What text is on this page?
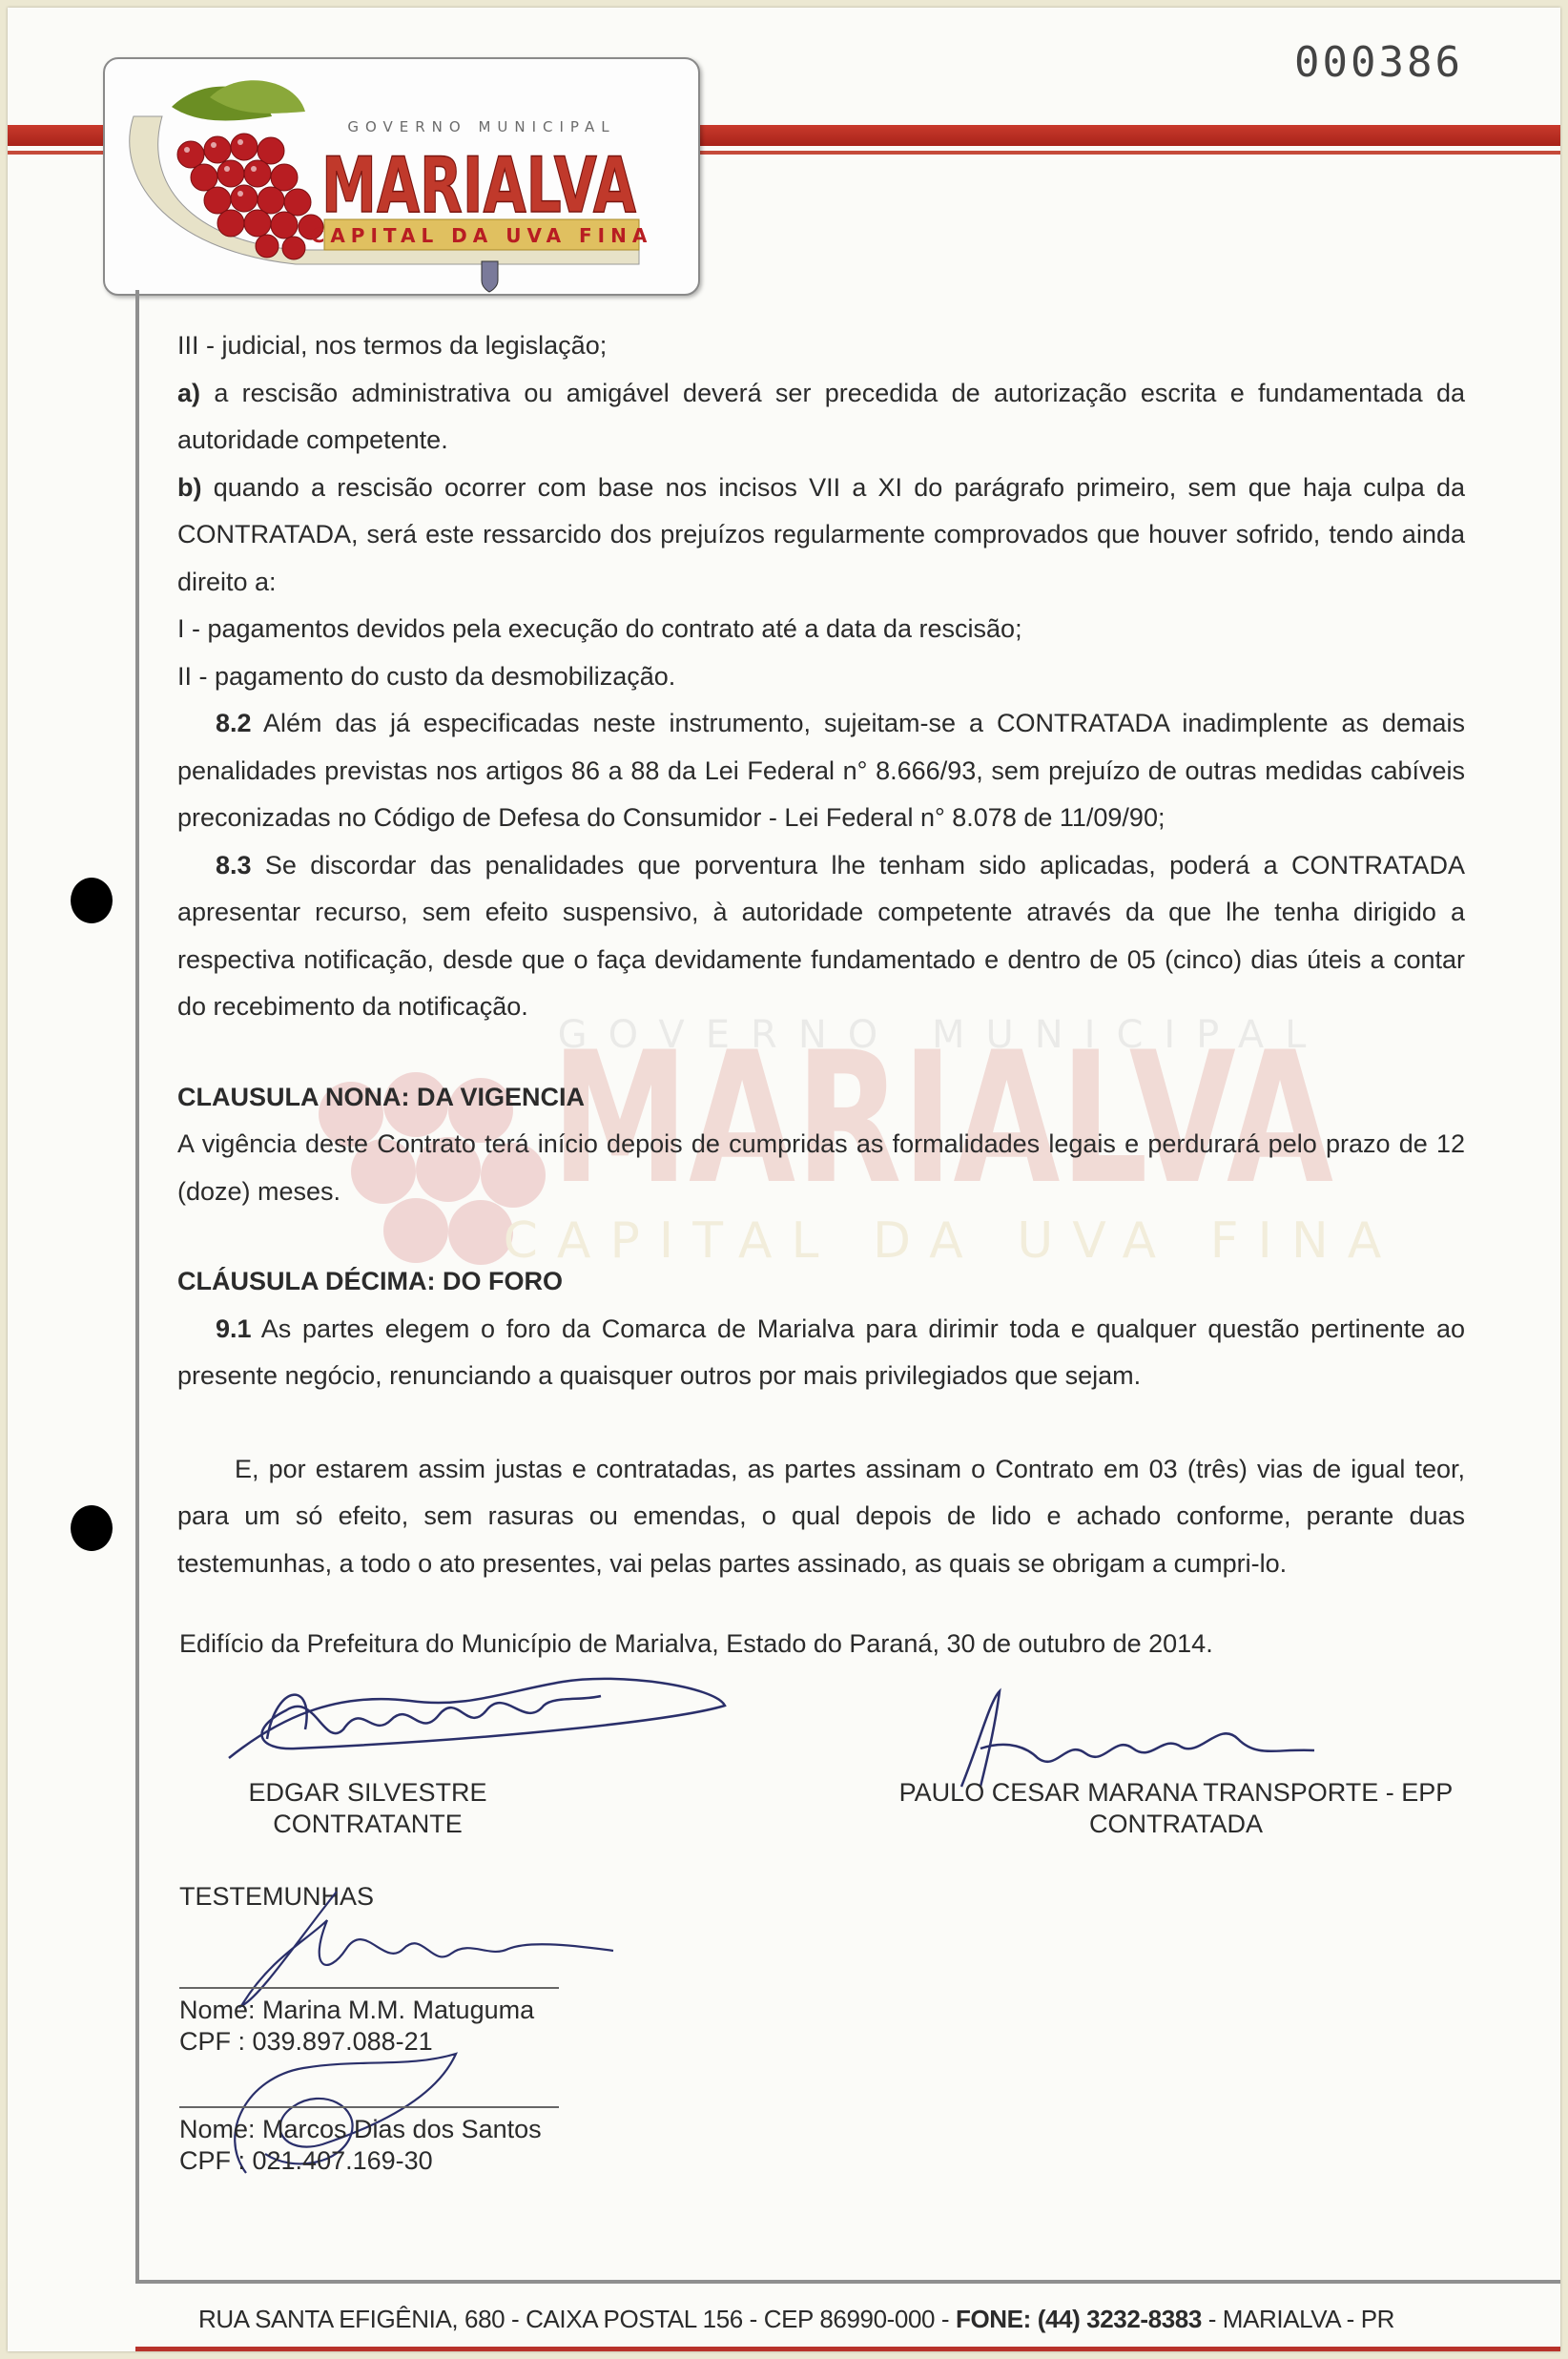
000386
CAPITAL DA UVA FINA
MARIALVA
GOVERNO MUNICIPAL
GOVERNO MUNICIPAL
MARIALVA
CAPITAL DA UVA FINA

III - judicial, nos termos da legislação;

a) a rescisão administrativa ou amigável deverá ser precedida de autorização escrita e fundamentada da autoridade competente.

b) quando a rescisão ocorrer com base nos incisos VII a XI do parágrafo primeiro, sem que haja culpa da CONTRATADA, será este ressarcido dos prejuízos regularmente comprovados que houver sofrido, tendo ainda direito a:

I - pagamentos devidos pela execução do contrato até a data da rescisão;

II - pagamento do custo da desmobilização.

8.2 Além das já especificadas neste instrumento, sujeitam-se a CONTRATADA inadimplente as demais penalidades previstas nos artigos 86 a 88 da Lei Federal n° 8.666/93, sem prejuízo de outras medidas cabíveis preconizadas no Código de Defesa do Consumidor - Lei Federal n° 8.078 de 11/09/90;

8.3 Se discordar das penalidades que porventura lhe tenham sido aplicadas, poderá a CONTRATADA apresentar recurso, sem efeito suspensivo, à autoridade competente através da que lhe tenha dirigido a respectiva notificação, desde que o faça devidamente fundamentado e dentro de 05 (cinco) dias úteis a contar do recebimento da notificação.

CLAUSULA NONA: DA VIGENCIA

A vigência deste Contrato terá início depois de cumpridas as formalidades legais e perdurará pelo prazo de 12 (doze) meses.

CLÁUSULA DÉCIMA: DO FORO

9.1 As partes elegem o foro da Comarca de Marialva para dirimir toda e qualquer questão pertinente ao presente negócio, renunciando a quaisquer outros por mais privilegiados que sejam.

E, por estarem assim justas e contratadas, as partes assinam o Contrato em 03 (três) vias de igual teor, para um só efeito, sem rasuras ou emendas, o qual depois de lido e achado conforme, perante duas testemunhas, a todo o ato presentes, vai pelas partes assinado, as quais se obrigam a cumpri-lo.

Edifício da Prefeitura do Município de Marialva, Estado do Paraná, 30 de outubro de 2014.
EDGAR SILVESTRE
CONTRATANTE
PAULO CESAR MARANA TRANSPORTE - EPP
CONTRATADA
TESTEMUNHAS
Nome: Marina M.M. Matuguma
CPF : 039.897.088-21
Nome: Marcos Dias dos Santos
CPF : 021.407.169-30
RUA SANTA EFIGÊNIA, 680 - CAIXA POSTAL 156 - CEP 86990-000 - FONE: (44) 3232-8383 - MARIALVA - PR
